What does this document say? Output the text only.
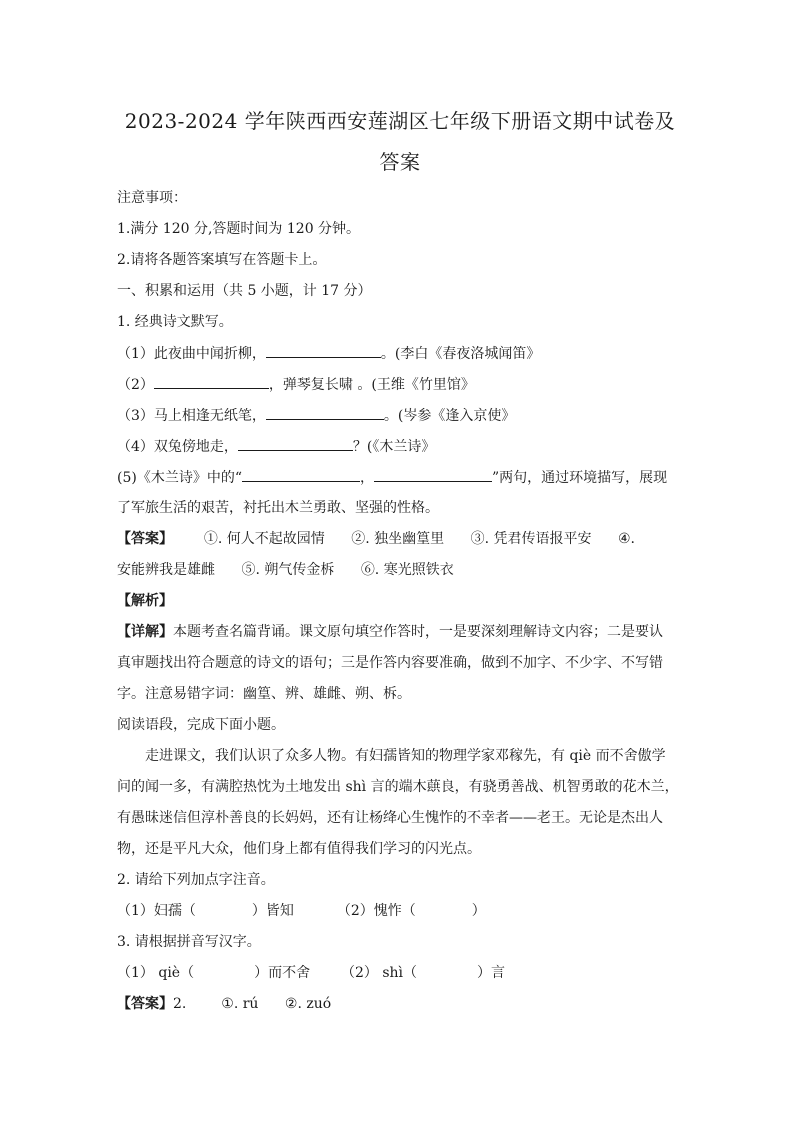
2023-2024 学年陕西西安莲湖区七年级下册语文期中试卷及
答案
注意事项：
1.满分 120 分,答题时间为 120 分钟。
2.请将各题答案填写在答题卡上。
一、积累和运用（共 5 小题，计 17 分）
1. 经典诗文默写。
（1）此夜曲中闻折柳，	。(李白《春夜洛城闻笛》
（2）	，弹琴复长啸 。(王维《竹里馆》
（3）马上相逢无纸笔，	。(岑参《逢入京使》
（4）双兔傍地走，	？(《木兰诗》
(5)《木兰诗》中的“	，	”两句，通过环境描写，展现
了军旅生活的艰苦，衬托出木兰勇敢、坚强的性格。
【答案】 ①. 何人不起故园情 ②. 独坐幽篁里 ③. 凭君传语报平安 ④.
安能辨我是雄雌 ⑤. 朔气传金柝 ⑥. 寒光照铁衣
【解析】
【详解】本题考查名篇背诵。课文原句填空作答时，一是要深刻理解诗文内容；二是要认
真审题找出符合题意的诗文的语句；三是作答内容要准确，做到不加字、不少字、不写错
字。注意易错字词：幽篁、辨、雄雌、朔、柝。
阅读语段，完成下面小题。
走进课文，我们认识了众多人物。有妇孺皆知的物理学家邓稼先，有 qiè 而不舍傲学
问的闻一多，有满腔热忱为土地发出 shì 言的端木蕻良，有骁勇善战、机智勇敢的花木兰，
有愚昧迷信但淳朴善良的长妈妈，还有让杨绛心生愧怍的不幸者——老王。无论是杰出人
物，还是平凡大众，他们身上都有值得我们学习的闪光点。
2. 请给下列加点字注音。
（1）妇孺（	）皆知	（2）愧怍（	）
3. 请根据拼音写汉字。
（1） qiè（	）而不舍 （2） shì（	）言
【答案】2. ①. rú ②. zuó
